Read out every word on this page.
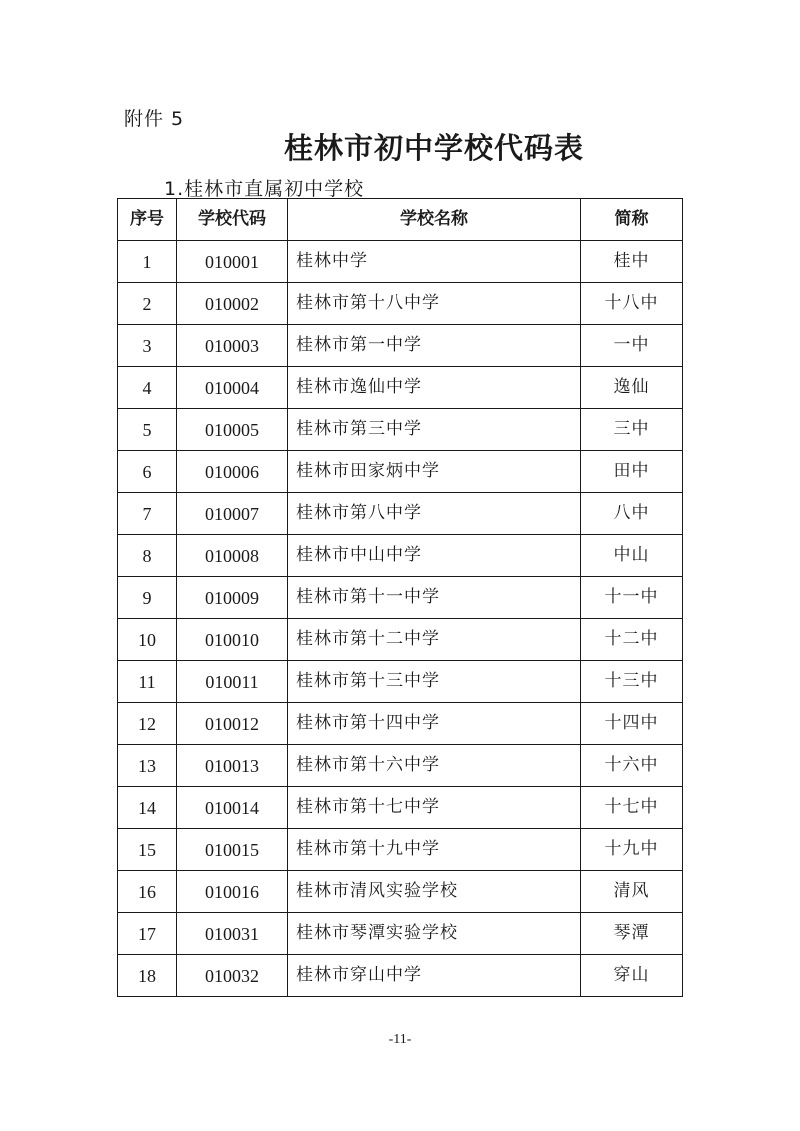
附件 5
桂林市初中学校代码表
1.桂林市直属初中学校
序号	学校代码	学校名称	简称
1	010001	桂林中学	桂中
2	010002	桂林市第十八中学	十八中
3	010003	桂林市第一中学	一中
4	010004	桂林市逸仙中学	逸仙
5	010005	桂林市第三中学	三中
6	010006	桂林市田家炳中学	田中
7	010007	桂林市第八中学	八中
8	010008	桂林市中山中学	中山
9	010009	桂林市第十一中学	十一中
10	010010	桂林市第十二中学	十二中
11	010011	桂林市第十三中学	十三中
12	010012	桂林市第十四中学	十四中
13	010013	桂林市第十六中学	十六中
14	010014	桂林市第十七中学	十七中
15	010015	桂林市第十九中学	十九中
16	010016	桂林市清风实验学校	清风
17	010031	桂林市琴潭实验学校	琴潭
18	010032	桂林市穿山中学	穿山
-11-
